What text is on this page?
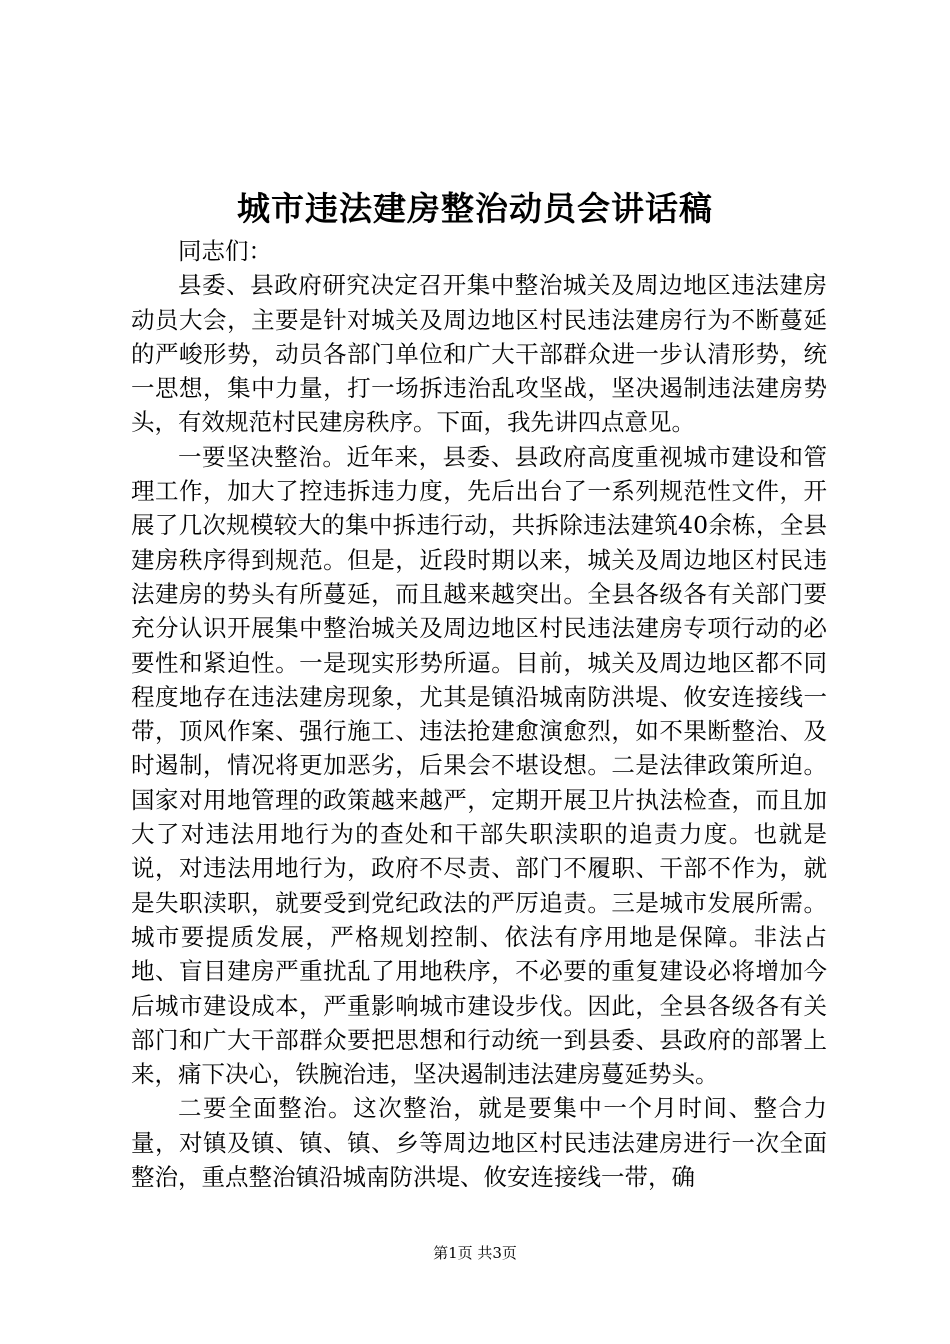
城市违法建房整治动员会讲话稿

同志们：

县委、县政府研究决定召开集中整治城关及周边地区违法建房动员大会，主要是针对城关及周边地区村民违法建房行为不断蔓延的严峻形势，动员各部门单位和广大干部群众进一步认清形势，统一思想，集中力量，打一场拆违治乱攻坚战，坚决遏制违法建房势头，有效规范村民建房秩序。下面，我先讲四点意见。

一要坚决整治。近年来，县委、县政府高度重视城市建设和管理工作，加大了控违拆违力度，先后出台了一系列规范性文件，开展了几次规模较大的集中拆违行动，共拆除违法建筑40余栋，全县建房秩序得到规范。但是，近段时期以来，城关及周边地区村民违法建房的势头有所蔓延，而且越来越突出。全县各级各有关部门要充分认识开展集中整治城关及周边地区村民违法建房专项行动的必要性和紧迫性。一是现实形势所逼。目前，城关及周边地区都不同程度地存在违法建房现象，尤其是镇沿城南防洪堤、攸安连接线一带，顶风作案、强行施工、违法抢建愈演愈烈，如不果断整治、及时遏制，情况将更加恶劣，后果会不堪设想。二是法律政策所迫。国家对用地管理的政策越来越严，定期开展卫片执法检查，而且加大了对违法用地行为的查处和干部失职渎职的追责力度。也就是说，对违法用地行为，政府不尽责、部门不履职、干部不作为，就是失职渎职，就要受到党纪政法的严厉追责。三是城市发展所需。城市要提质发展，严格规划控制、依法有序用地是保障。非法占地、盲目建房严重扰乱了用地秩序，不必要的重复建设必将增加今后城市建设成本，严重影响城市建设步伐。因此，全县各级各有关部门和广大干部群众要把思想和行动统一到县委、县政府的部署上来，痛下决心，铁腕治违，坚决遏制违法建房蔓延势头。

二要全面整治。这次整治，就是要集中一个月时间、整合力量，对镇及镇、镇、镇、乡等周边地区村民违法建房进行一次全面整治，重点整治镇沿城南防洪堤、攸安连接线一带，确

第1页 共3页
